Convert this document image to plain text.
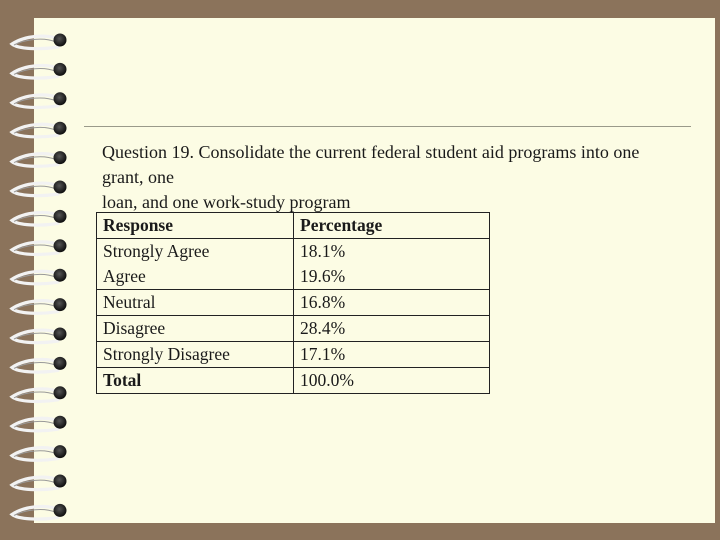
Question 19. Consolidate the current federal student aid programs into one grant, one
loan, and one work-study program
Response	Percentage
Strongly Agree	18.1%
Agree	19.6%
Neutral	16.8%
Disagree	28.4%
Strongly Disagree	17.1%
Total	100.0%
